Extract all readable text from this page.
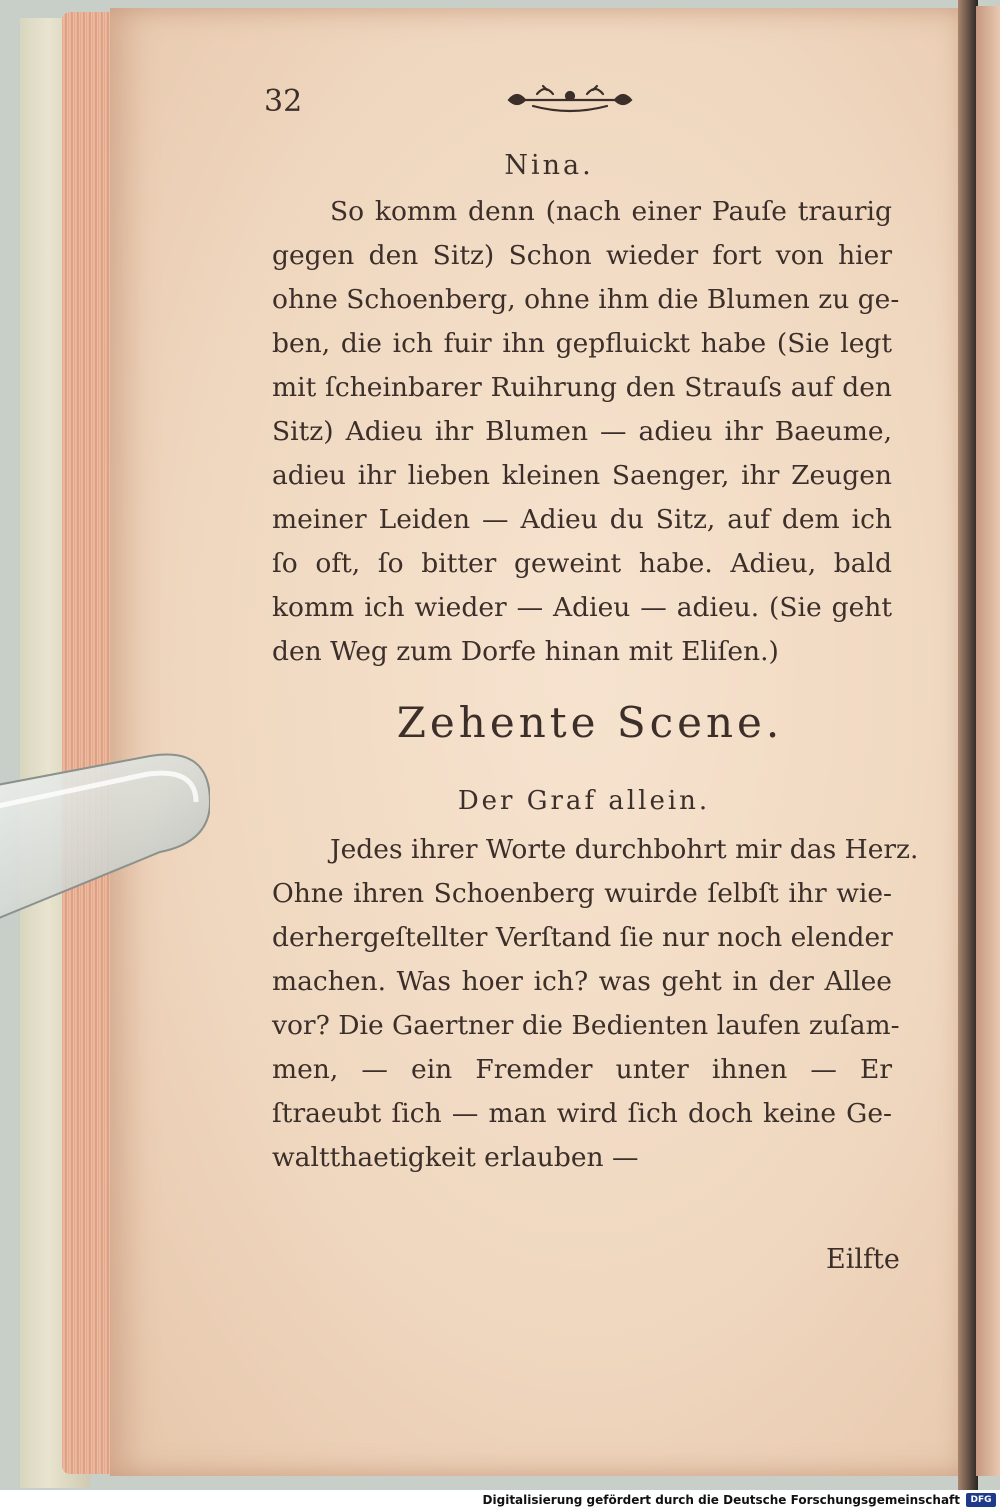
32
Nina.
So komm denn (nach einer Pauſe traurig
gegen den Sitz) Schon wieder fort von hier
ohne Schoenberg, ohne ihm die Blumen zu ge-
ben, die ich fuir ihn gepfluickt habe (Sie legt
mit ſcheinbarer Ruihrung den Strauſs auf den
Sitz) Adieu ihr Blumen — adieu ihr Baeume,
adieu ihr lieben kleinen Saenger, ihr Zeugen
meiner Leiden — Adieu du Sitz, auf dem ich
ſo oft, ſo bitter geweint habe. Adieu, bald
komm ich wieder — Adieu — adieu. (Sie geht
den Weg zum Dorfe hinan mit Eliſen.)
Zehente Scene.
Der Graf allein.
Jedes ihrer Worte durchbohrt mir das Herz.
Ohne ihren Schoenberg wuirde ſelbſt ihr wie-
derhergeſtellter Verſtand ſie nur noch elender
machen. Was hoer ich? was geht in der Allee
vor? Die Gaertner die Bedienten laufen zuſam-
men, — ein Fremder unter ihnen — Er
ſtraeubt ſich — man wird ſich doch keine Ge-
waltthaetigkeit erlauben —
Eilfte
Digitalisierung gefördert durch die Deutsche Forschungsgemeinschaft	DFG
